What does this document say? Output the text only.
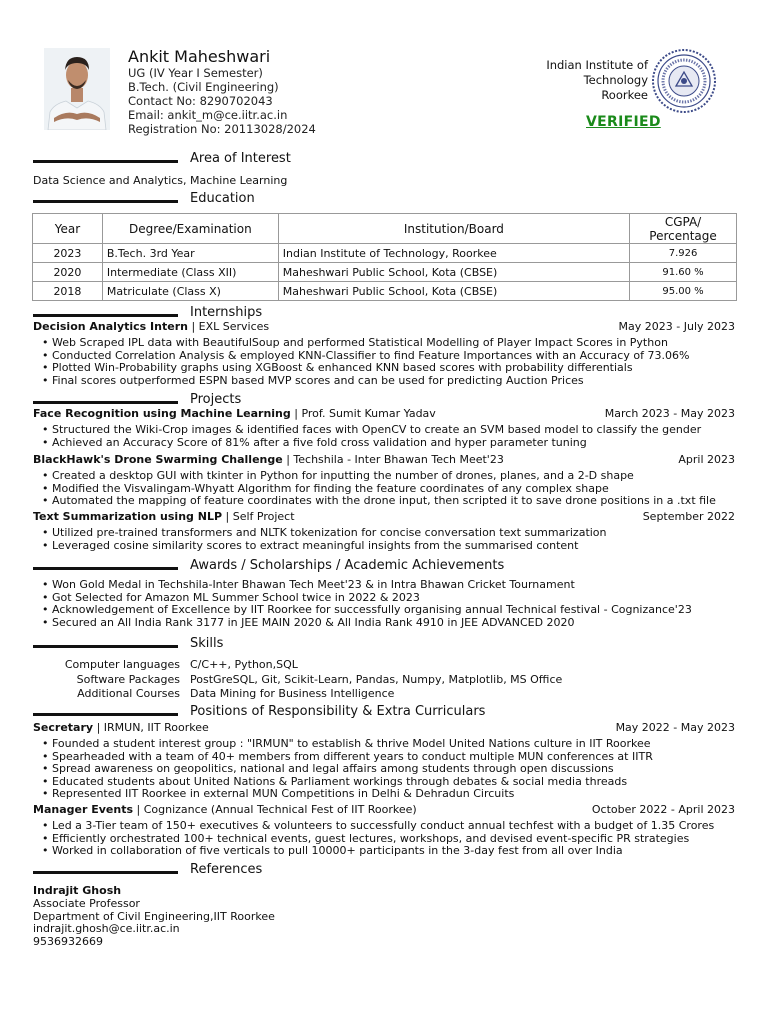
Ankit Maheshwari
UG (IV Year I Semester)
B.Tech. (Civil Engineering)
Contact No: 8290702043
Email: ankit_m@ce.iitr.ac.in
Registration No: 20113028/2024
Indian Institute of
Technology
Roorkee
VERIFIED
Area of Interest
Data Science and Analytics, Machine Learning
Education
Year	Degree/Examination	Institution/Board	CGPA/
Percentage

2023	B.Tech. 3rd Year	Indian Institute of Technology, Roorkee	7.926
2020	Intermediate (Class XII)	Maheshwari Public School, Kota (CBSE)	91.60 %
2018	Matriculate (Class X)	Maheshwari Public School, Kota (CBSE)	95.00 %
Internships
Decision Analytics Intern | EXL Services	May 2023 - July 2023
• Web Scraped IPL data with BeautifulSoup and performed Statistical Modelling of Player Impact Scores in Python
• Conducted Correlation Analysis & employed KNN-Classifier to find Feature Importances with an Accuracy of 73.06%
• Plotted Win-Probability graphs using XGBoost & enhanced KNN based scores with probability differentials
• Final scores outperformed ESPN based MVP scores and can be used for predicting Auction Prices
Projects
Face Recognition using Machine Learning | Prof. Sumit Kumar Yadav	March 2023 - May 2023
• Structured the Wiki-Crop images & identified faces with OpenCV to create an SVM based model to classify the gender
• Achieved an Accuracy Score of 81% after a five fold cross validation and hyper parameter tuning
BlackHawk's Drone Swarming Challenge | Techshila - Inter Bhawan Tech Meet'23	April 2023
• Created a desktop GUI with tkinter in Python for inputting the number of drones, planes, and a 2-D shape
• Modified the Visvalingam-Whyatt Algorithm for finding the feature coordinates of any complex shape
• Automated the mapping of feature coordinates with the drone input, then scripted it to save drone positions in a .txt file
Text Summarization using NLP | Self Project	September 2022
• Utilized pre-trained transformers and NLTK tokenization for concise conversation text summarization
• Leveraged cosine similarity scores to extract meaningful insights from the summarised content
Awards / Scholarships / Academic Achievements
• Won Gold Medal in Techshila-Inter Bhawan Tech Meet'23 & in Intra Bhawan Cricket Tournament
• Got Selected for Amazon ML Summer School twice in 2022 & 2023
• Acknowledgement of Excellence by IIT Roorkee for successfully organising annual Technical festival - Cognizance'23
• Secured an All India Rank 3177 in JEE MAIN 2020 & All India Rank 4910 in JEE ADVANCED 2020
Skills
Computer languages C/C++, Python,SQL
Software Packages PostGreSQL, Git, Scikit-Learn, Pandas, Numpy, Matplotlib, MS Office
Additional Courses Data Mining for Business Intelligence
Positions of Responsibility & Extra Curriculars
Secretary | IRMUN, IIT Roorkee	May 2022 - May 2023
• Founded a student interest group : "IRMUN" to establish & thrive Model United Nations culture in IIT Roorkee
• Spearheaded with a team of 40+ members from different years to conduct multiple MUN conferences at IITR
• Spread awareness on geopolitics, national and legal affairs among students through open discussions
• Educated students about United Nations & Parliament workings through debates & social media threads
• Represented IIT Roorkee in external MUN Competitions in Delhi & Dehradun Circuits
Manager Events | Cognizance (Annual Technical Fest of IIT Roorkee)	October 2022 - April 2023
• Led a 3-Tier team of 150+ executives & volunteers to successfully conduct annual techfest with a budget of 1.35 Crores
• Efficiently orchestrated 100+ technical events, guest lectures, workshops, and devised event-specific PR strategies
• Worked in collaboration of five verticals to pull 10000+ participants in the 3-day fest from all over India
References
Indrajit Ghosh
Associate Professor
Department of Civil Engineering,IIT Roorkee
indrajit.ghosh@ce.iitr.ac.in
9536932669
